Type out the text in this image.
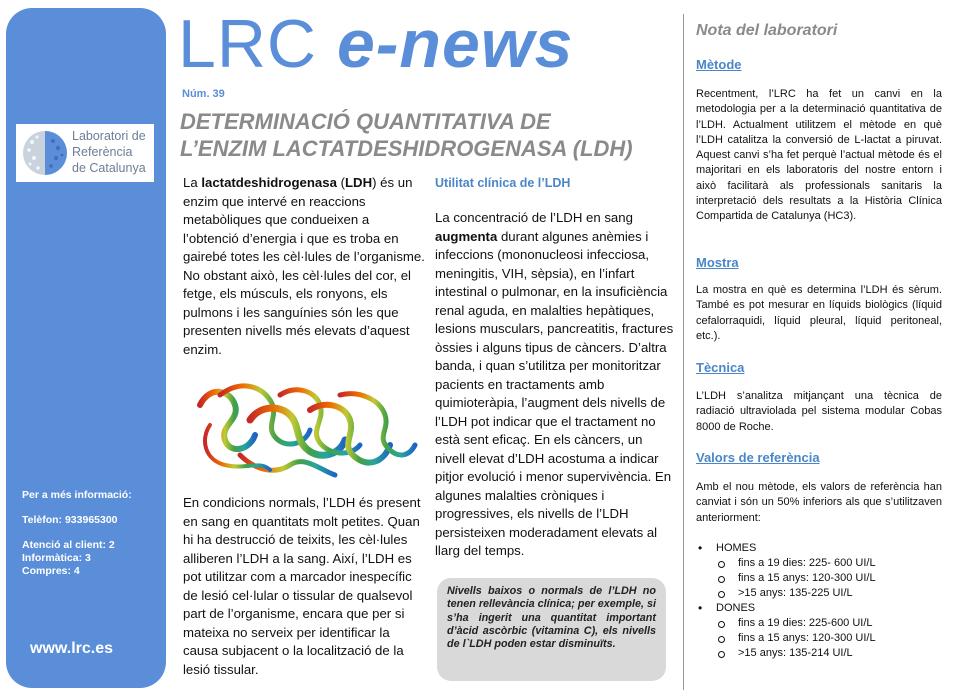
Laboratori de
Referència
de Catalunya
Per a més informació:
Telèfon: 933965300
Atenció al client: 2
Informàtica: 3
Compres: 4
www.lrc.es
LRC e-news
Núm. 39
DETERMINACIÓ QUANTITATIVA DE
L’ENZIM LACTATDESHIDROGENASA (LDH)
La lactatdeshidrogenasa (LDH) és un enzim que intervé en reaccions metabòliques que condueixen a l’obtenció d’energia i que es troba en gairebé totes les cèl·lules de l’organisme. No obstant això, les cèl·lules del cor, el fetge, els músculs, els ronyons, els pulmons i les sanguínies són les que presenten nivells més elevats d’aquest enzim.
En condicions normals, l’LDH és present en sang en quantitats molt petites. Quan hi ha destrucció de teixits, les cèl·lules alliberen l’LDH a la sang. Així, l’LDH es pot utilitzar com a marcador inespecífic de lesió cel·lular o tissular de qualsevol part de l’organisme, encara que per si mateixa no serveix per identificar la causa subjacent o la localització de la lesió tissular.
Utilitat clínica de l’LDH
La concentració de l’LDH en sang augmenta durant algunes anèmies i infeccions (mononucleosi infecciosa, meningitis, VIH, sèpsia), en l’infart intestinal o pulmonar, en la insuficiència renal aguda, en malalties hepàtiques, lesions musculars, pancreatitis, fractures òssies i alguns tipus de càncers. D’altra banda, i quan s’utilitza per monitoritzar pacients en tractaments amb quimioteràpia, l’augment dels nivells de l’LDH pot indicar que el tractament no està sent eficaç. En els càncers, un nivell elevat d’LDH acostuma a indicar pitjor evolució i menor supervivència. En algunes malalties cròniques i progressives, els nivells de l’LDH persisteixen moderadament elevats al llarg del temps.
Nivells baixos o normals de l’LDH no tenen rellevància clínica; per exemple, si s’ha ingerit una quantitat important d’àcid ascòrbic (vitamina C), els nivells de l`LDH poden estar disminuïts.
Nota del laboratori
Mètode
Recentment, l’LRC ha fet un canvi en la metodologia per a la determinació quantitativa de l’LDH. Actualment utilitzem el mètode en què l’LDH catalitza la conversió de L-lactat a piruvat. Aquest canvi s’ha fet perquè l’actual mètode és el majoritari en els laboratoris del nostre entorn i això facilitarà als professionals sanitaris la interpretació dels resultats a la Història Clínica Compartida de Catalunya (HC3).
Mostra
La mostra en què es determina l’LDH és sèrum. També es pot mesurar en líquids biològics (líquid cefalorraquidi, líquid pleural, líquid peritoneal, etc.).
Tècnica
L’LDH s’analitza mitjançant una tècnica de radiació ultraviolada pel sistema modular Cobas 8000 de Roche.
Valors de referència
Amb el nou mètode, els valors de referència han canviat i són un 50% inferiors als que s’utilitzaven anteriorment:
• HOMES
fins a 19 dies: 225- 600 UI/L
fins a 15 anys: 120-300 UI/L
>15 anys: 135-225 UI/L
• DONES
fins a 19 dies: 225-600 UI/L
fins a 15 anys: 120-300 UI/L
>15 anys: 135-214 UI/L
